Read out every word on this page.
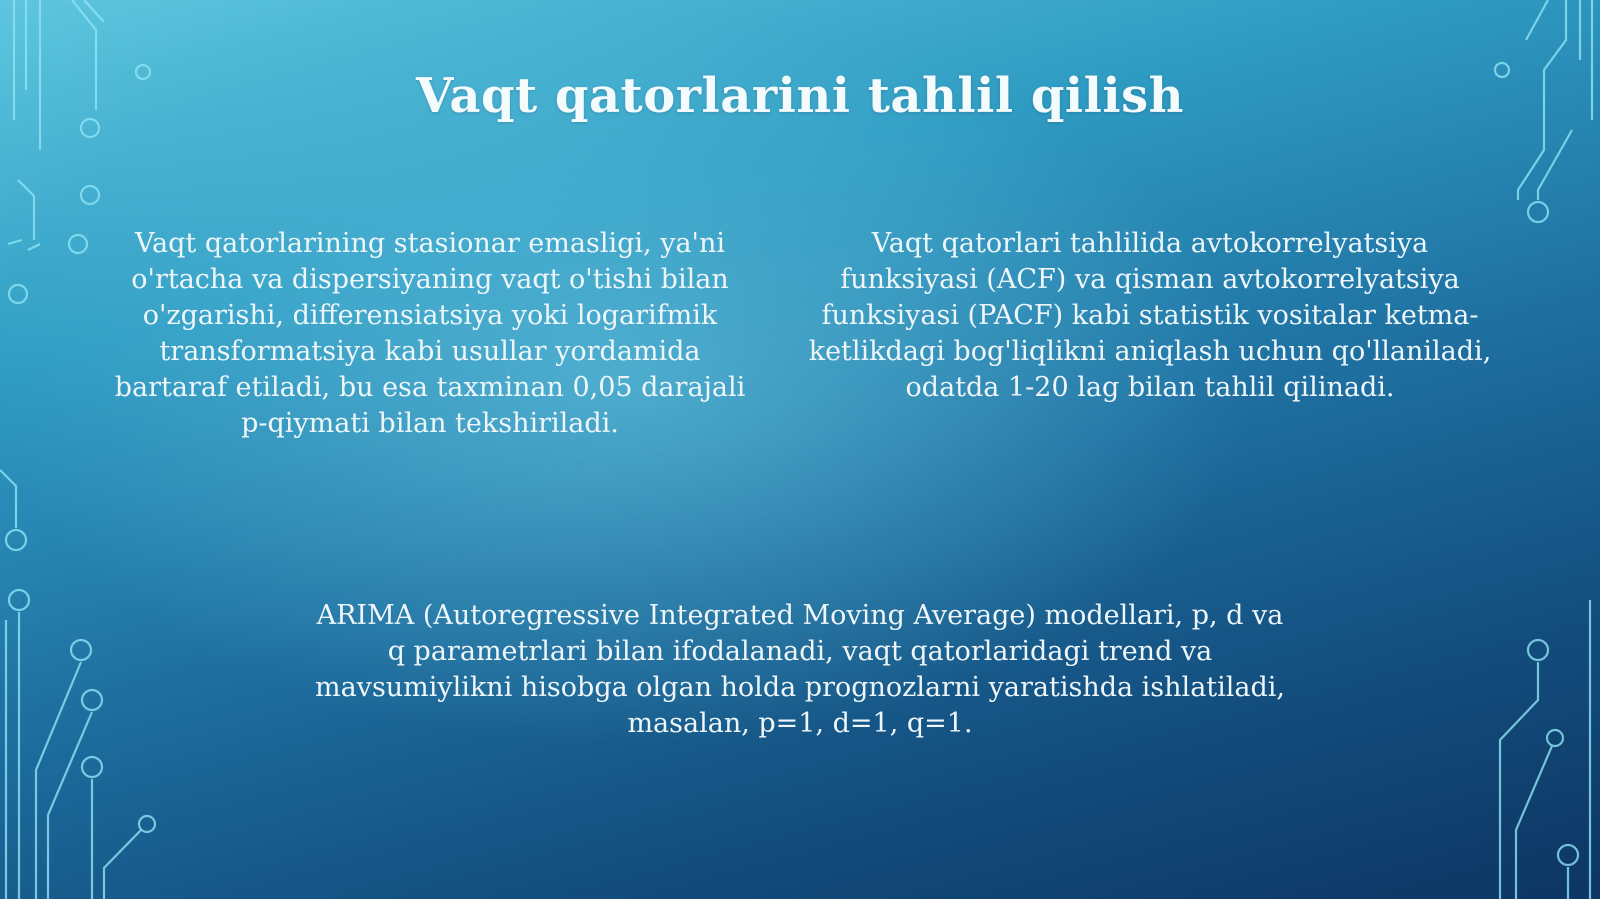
Vaqt qatorlarini tahlil qilish
Vaqt qatorlarining stasionar emasligi, ya'ni o'rtacha va dispersiyaning vaqt o'tishi bilan o'zgarishi, differensiatsiya yoki logarifmik transformatsiya kabi usullar yordamida bartaraf etiladi, bu esa taxminan 0,05 darajali p-qiymati bilan tekshiriladi.
Vaqt qatorlari tahlilida avtokorrelyatsiya funksiyasi (ACF) va qisman avtokorrelyatsiya funksiyasi (PACF) kabi statistik vositalar ketma-ketlikdagi bog'liqlikni aniqlash uchun qo'llaniladi, odatda 1-20 lag bilan tahlil qilinadi.
ARIMA (Autoregressive Integrated Moving Average) modellari, p, d va
q parametrlari bilan ifodalanadi, vaqt qatorlaridagi trend va
mavsumiylikni hisobga olgan holda prognozlarni yaratishda ishlatiladi,
masalan, p=1, d=1, q=1.
